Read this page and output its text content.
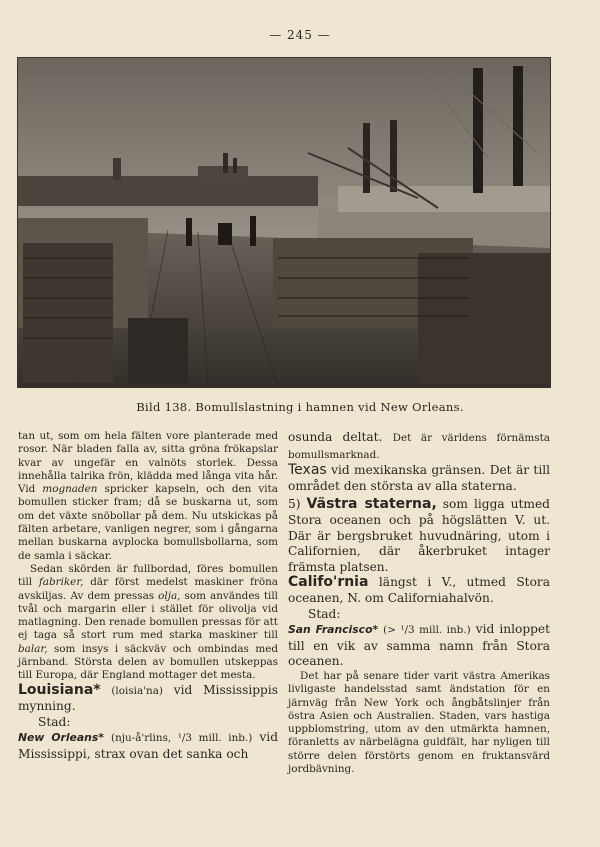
— 245 —
Bild 138. Bomullslastning i hamnen vid New Orleans.

tan ut, som om hela fälten vore planterade med rosor. När bladen falla av, sitta gröna frökapslar kvar av ungefär en valnöts storlek. Dessa innehålla talrika frön, klädda med långa vita hår. Vid mognaden spricker kapseln, och den vita bomullen sticker fram; då se buskarna ut, som om det växte snöbollar på dem. Nu utskickas på fälten arbetare, vanligen negrer, som i gångarna mellan buskarna avplocka bomullsbollarna, som de samla i säckar.

Sedan skörden är fullbordad, föres bomullen till fabriker, där först medelst maskiner fröna avskiljas. Av dem pressas olja, som användes till tvål och margarin eller i stället för olivolja vid matlagning. Den renade bomullen pressas för att ej taga så stort rum med starka maskiner till balar, som insys i säckväv och ombindas med järnband. Största delen av bomullen utskeppas till Europa, där England mottager det mesta.

Louisiana* (loisia'na) vid Mississippis mynning.

Stad:

New Orleans* (nju-å'rlins, ¹/3 mill. inb.) vid Mississippi, strax ovan det sanka och

osunda deltat. Det är världens förnämsta bomullsmarknad.

Texas vid mexikanska gränsen. Det är till området den största av alla staterna.

5) Västra staterna, som ligga utmed Stora oceanen och på högslätten V. ut. Där är bergsbruket huvudnäring, utom i Californien, där åkerbruket intager främsta platsen.

Califo'rnia längst i V., utmed Stora oceanen, N. om Californiahalvön.

Stad:

San Francisco* (> ¹/3 mill. inb.) vid inloppet till en vik av samma namn från Stora oceanen.

Det har på senare tider varit västra Amerikas livligaste handelsstad samt ändstation för en järnväg från New York och ångbåtslinjer från östra Asien och Australien. Staden, vars hastiga uppblomstring, utom av den utmärkta hamnen, föranletts av närbelägna guldfält, har nyligen till större delen förstörts genom en fruktansvärd jordbävning.
